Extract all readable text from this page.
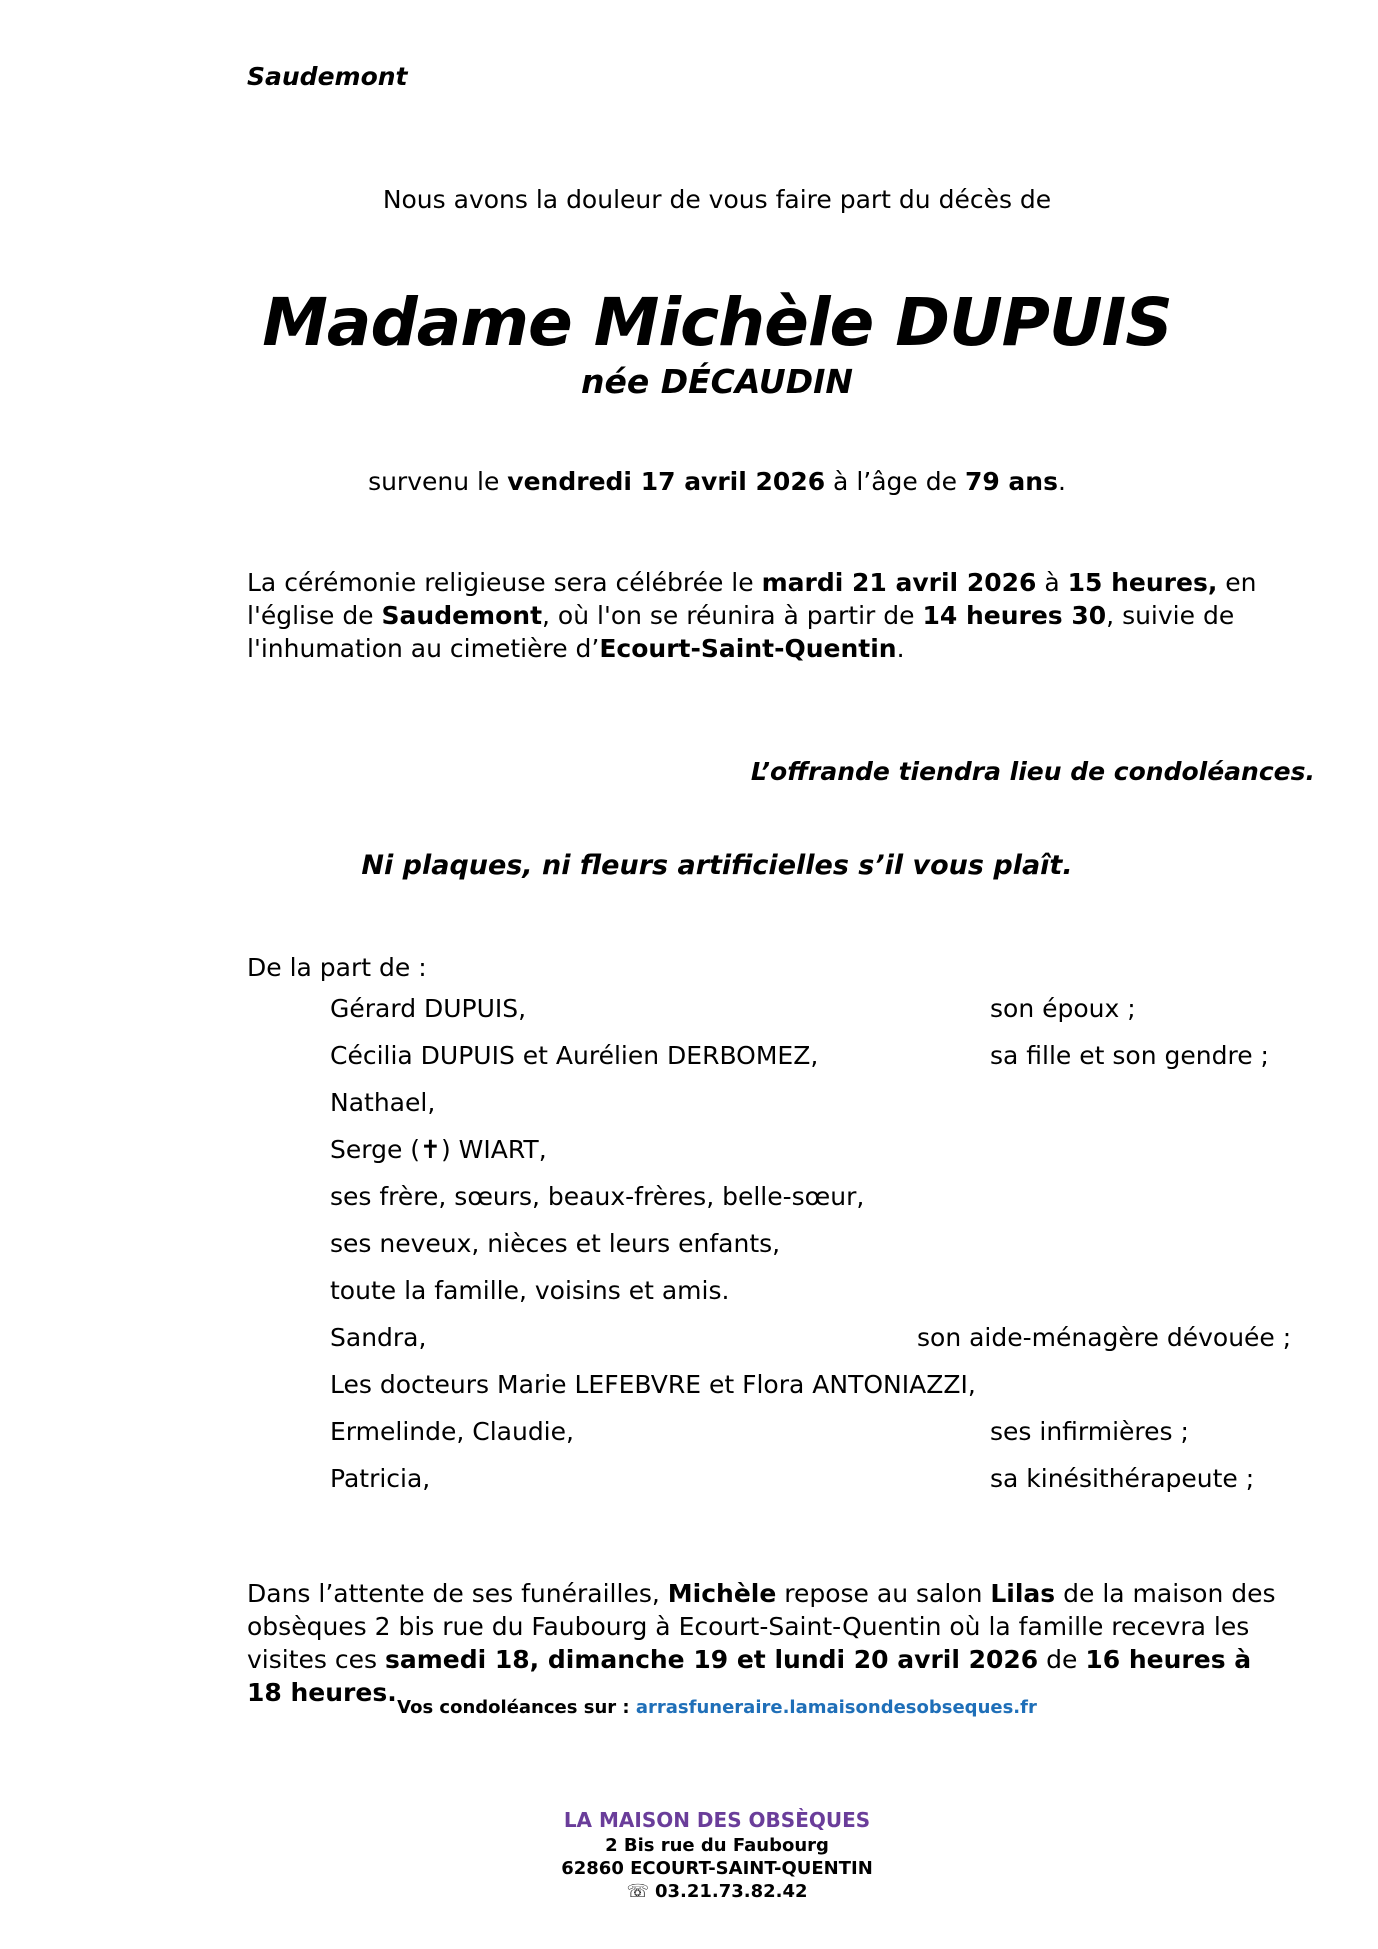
Saudemont
Nous avons la douleur de vous faire part du décès de
Madame Michèle DUPUIS
née DÉCAUDIN
survenu le vendredi 17 avril 2026 à l’âge de 79 ans.
La cérémonie religieuse sera célébrée le mardi 21 avril 2026 à 15 heures, en l'église de Saudemont, où l'on se réunira à partir de 14 heures 30, suivie de l'inhumation au cimetière d’Ecourt-Saint-Quentin.
L’offrande tiendra lieu de condoléances.
Ni plaques, ni fleurs artificielles s’il vous plaît.
De la part de :
Gérard DUPUIS,	son époux ;
Cécilia DUPUIS et Aurélien DERBOMEZ,	sa fille et son gendre ;
Nathael,
Serge (✝) WIART,
ses frère, sœurs, beaux-frères, belle-sœur,
ses neveux, nièces et leurs enfants,
toute la famille, voisins et amis.
Sandra,	son aide-ménagère dévouée ;
Les docteurs Marie LEFEBVRE et Flora ANTONIAZZI,
Ermelinde, Claudie,	ses infirmières ;
Patricia,	sa kinésithérapeute ;
Dans l’attente de ses funérailles, Michèle repose au salon Lilas de la maison des obsèques 2 bis rue du Faubourg à Ecourt-Saint-Quentin où la famille recevra les visites ces samedi 18, dimanche 19 et lundi 20 avril 2026 de 16 heures à 18 heures.
Vos condoléances sur : arrasfuneraire.lamaisondesobseques.fr
LA MAISON DES OBSÈQUES
2 Bis rue du Faubourg
62860 ECOURT-SAINT-QUENTIN
☏ 03.21.73.82.42
